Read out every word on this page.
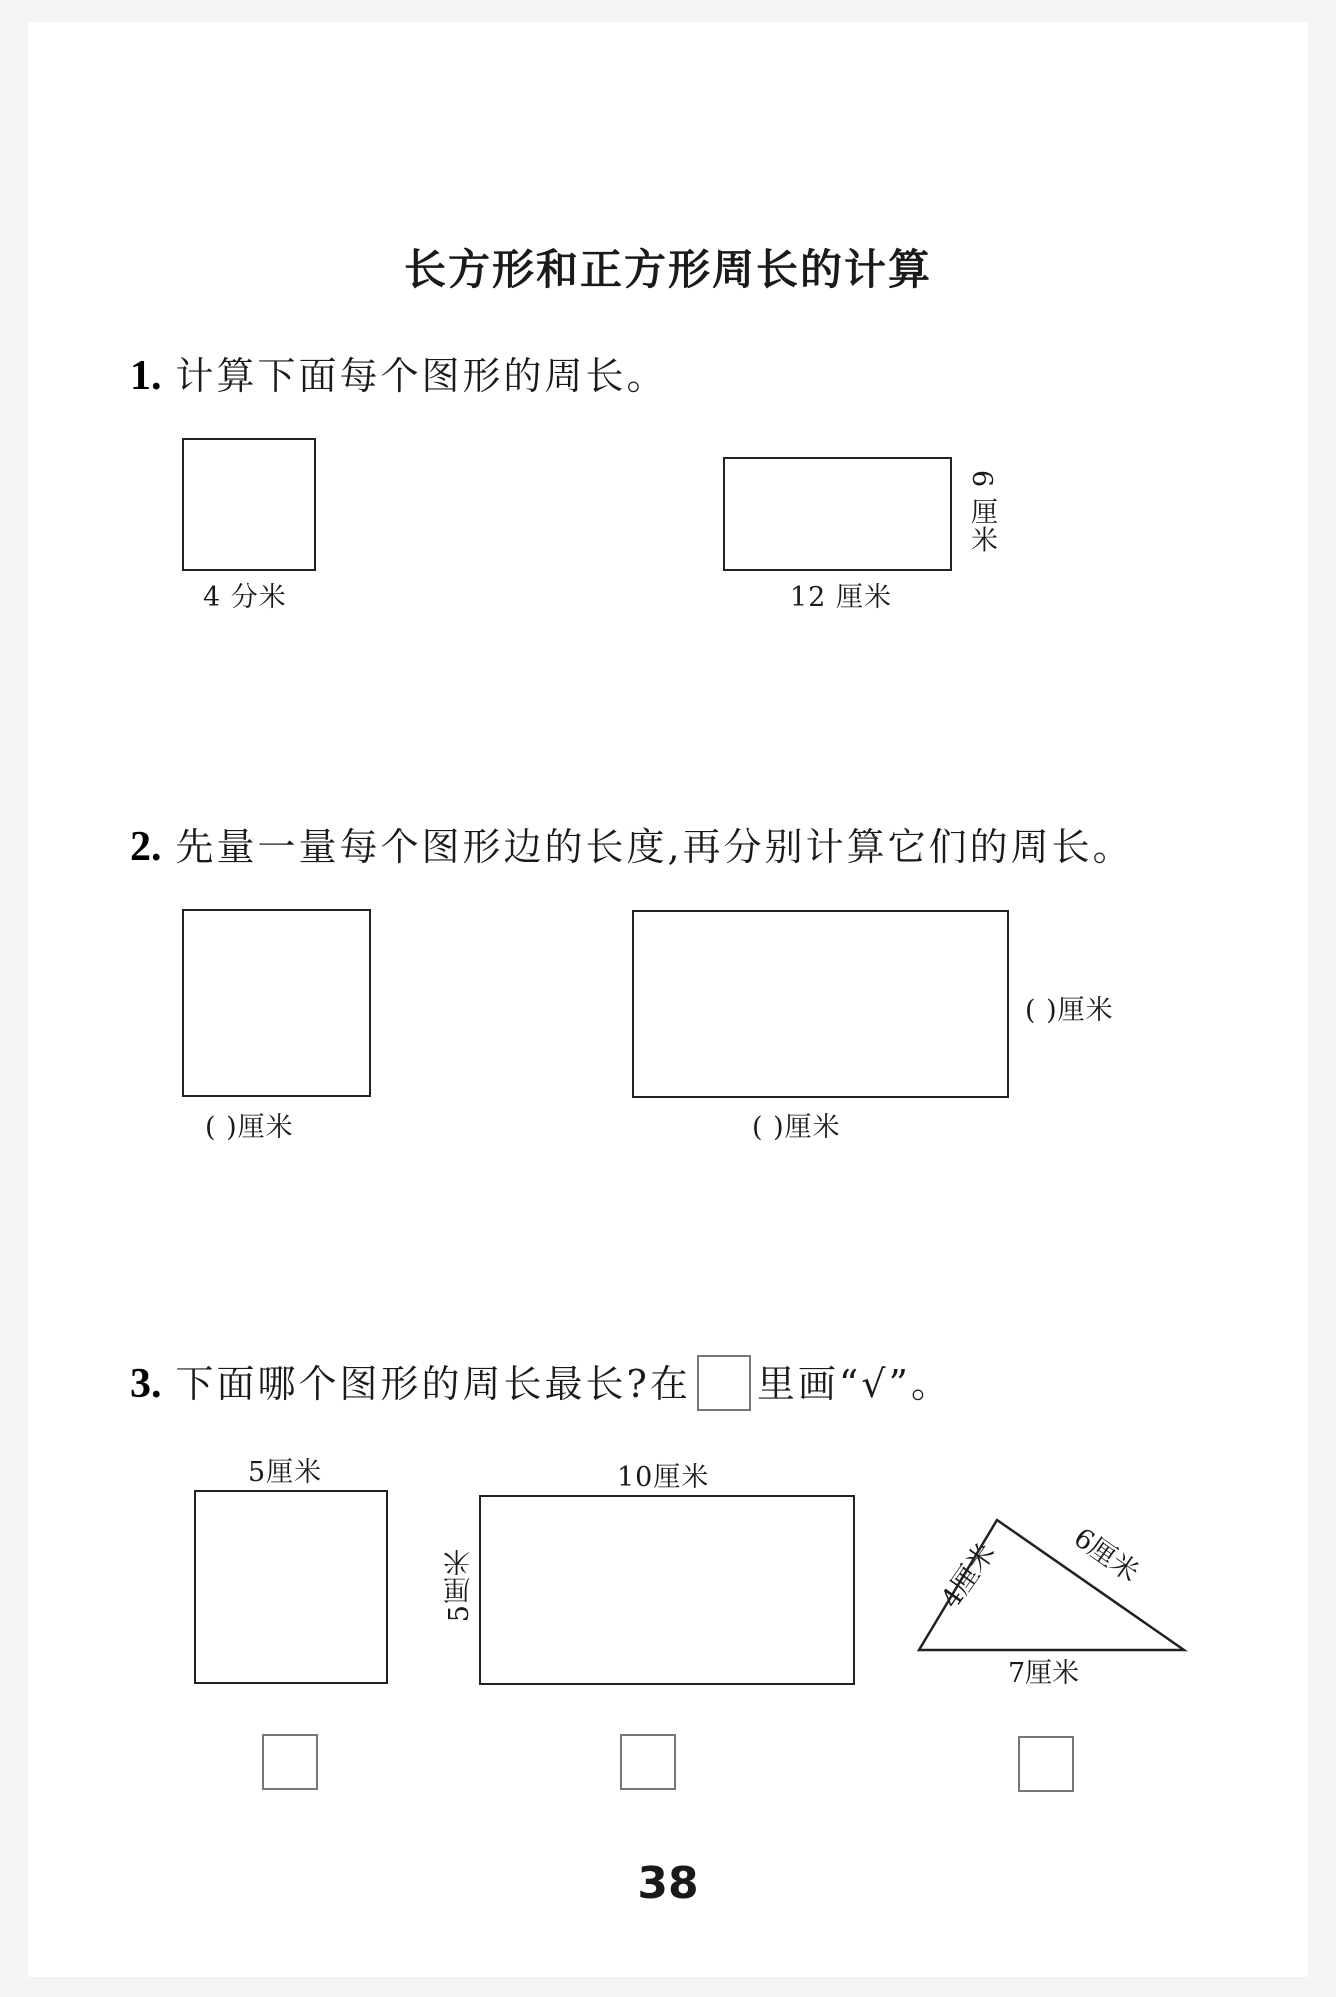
长方形和正方形周长的计算
1. 计算下面每个图形的周长。
4 分米	12 厘米
6 厘米
2. 先量一量每个图形边的长度,再分别计算它们的周长。
( )厘米	( )厘米
( )厘米
3. 下面哪个图形的周长最长?在 里画“√”。
5厘米	10厘米
5厘米	4厘米 6厘米
7厘米
38
